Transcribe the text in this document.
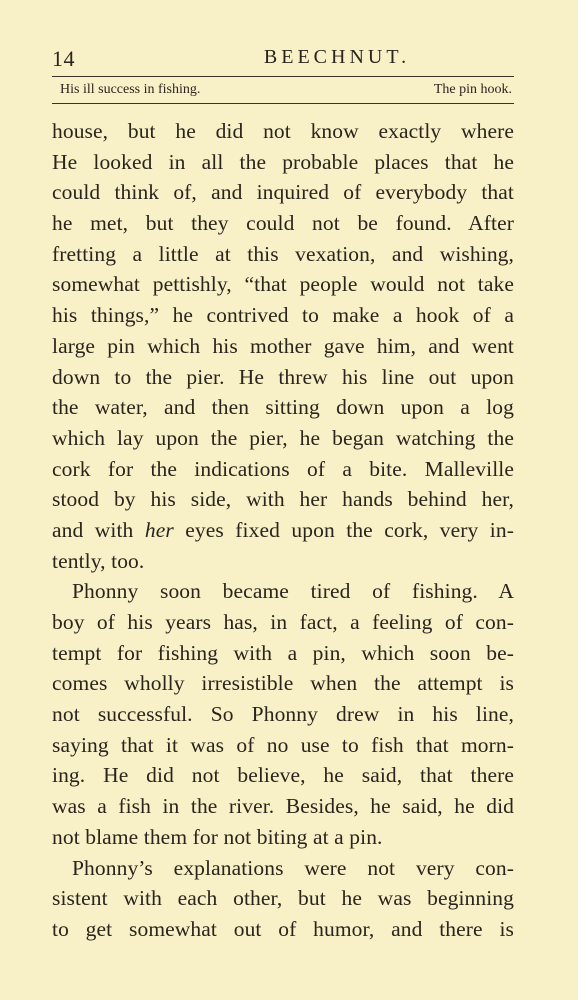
14	BEECHNUT.
His ill success in fishing.	The pin hook.
house, but he did not know exactly where
He looked in all the probable places that he
could think of, and inquired of everybody that
he met, but they could not be found. After
fretting a little at this vexation, and wishing,
somewhat pettishly, “that people would not take
his things,” he contrived to make a hook of a
large pin which his mother gave him, and went
down to the pier. He threw his line out upon
the water, and then sitting down upon a log
which lay upon the pier, he began watching the
cork for the indications of a bite. Malleville
stood by his side, with her hands behind her,
and with her eyes fixed upon the cork, very in-
tently, too.
Phonny soon became tired of fishing. A
boy of his years has, in fact, a feeling of con-
tempt for fishing with a pin, which soon be-
comes wholly irresistible when the attempt is
not successful. So Phonny drew in his line,
saying that it was of no use to fish that morn-
ing. He did not believe, he said, that there
was a fish in the river. Besides, he said, he did
not blame them for not biting at a pin.
Phonny’s explanations were not very con-
sistent with each other, but he was beginning
to get somewhat out of humor, and there is
